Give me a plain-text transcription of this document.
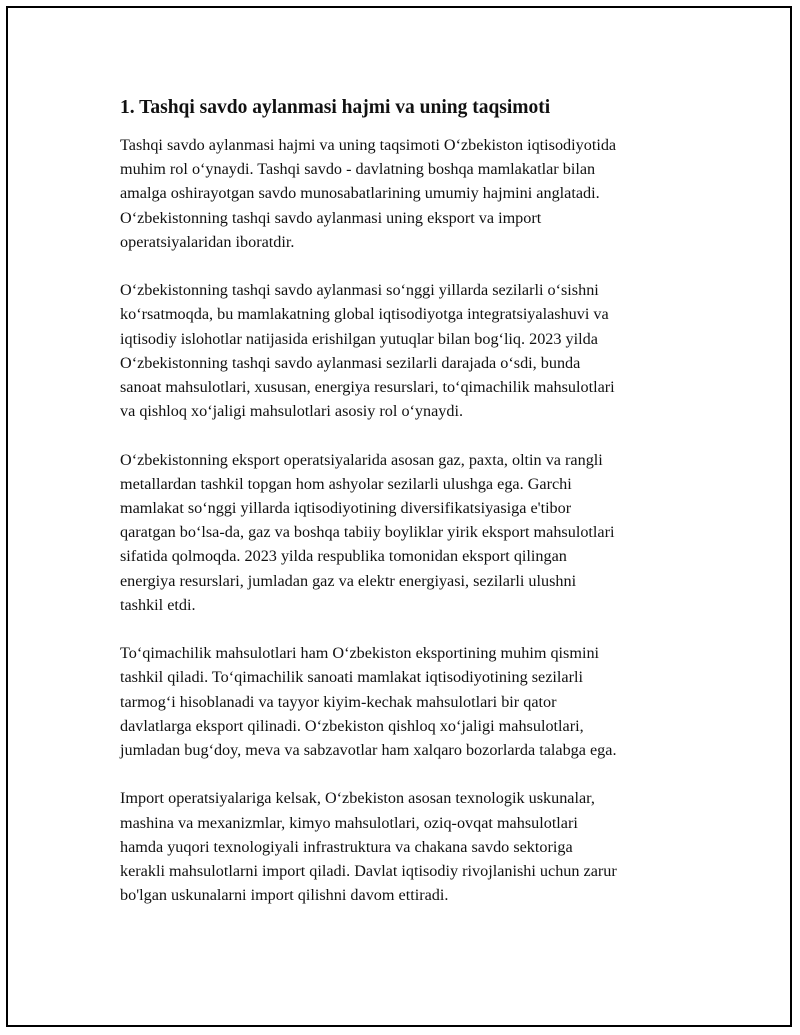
1. Tashqi savdo aylanmasi hajmi va uning taqsimoti

Tashqi savdo aylanmasi hajmi va uning taqsimoti O‘zbekiston iqtisodiyotida
muhim rol o‘ynaydi. Tashqi savdo - davlatning boshqa mamlakatlar bilan
amalga oshirayotgan savdo munosabatlarining umumiy hajmini anglatadi.
O‘zbekistonning tashqi savdo aylanmasi uning eksport va import
operatsiyalaridan iboratdir.

O‘zbekistonning tashqi savdo aylanmasi so‘nggi yillarda sezilarli o‘sishni
ko‘rsatmoqda, bu mamlakatning global iqtisodiyotga integratsiyalashuvi va
iqtisodiy islohotlar natijasida erishilgan yutuqlar bilan bog‘liq. 2023 yilda
O‘zbekistonning tashqi savdo aylanmasi sezilarli darajada o‘sdi, bunda
sanoat mahsulotlari, xususan, energiya resurslari, to‘qimachilik mahsulotlari
va qishloq xo‘jaligi mahsulotlari asosiy rol o‘ynaydi.

O‘zbekistonning eksport operatsiyalarida asosan gaz, paxta, oltin va rangli
metallardan tashkil topgan hom ashyolar sezilarli ulushga ega. Garchi
mamlakat so‘nggi yillarda iqtisodiyotining diversifikatsiyasiga e'tibor
qaratgan bo‘lsa-da, gaz va boshqa tabiiy boyliklar yirik eksport mahsulotlari
sifatida qolmoqda. 2023 yilda respublika tomonidan eksport qilingan
energiya resurslari, jumladan gaz va elektr energiyasi, sezilarli ulushni
tashkil etdi.

To‘qimachilik mahsulotlari ham O‘zbekiston eksportining muhim qismini
tashkil qiladi. To‘qimachilik sanoati mamlakat iqtisodiyotining sezilarli
tarmog‘i hisoblanadi va tayyor kiyim-kechak mahsulotlari bir qator
davlatlarga eksport qilinadi. O‘zbekiston qishloq xo‘jaligi mahsulotlari,
jumladan bug‘doy, meva va sabzavotlar ham xalqaro bozorlarda talabga ega.

Import operatsiyalariga kelsak, O‘zbekiston asosan texnologik uskunalar,
mashina va mexanizmlar, kimyo mahsulotlari, oziq-ovqat mahsulotlari
hamda yuqori texnologiyali infrastruktura va chakana savdo sektoriga
kerakli mahsulotlarni import qiladi. Davlat iqtisodiy rivojlanishi uchun zarur
bo'lgan uskunalarni import qilishni davom ettiradi.
